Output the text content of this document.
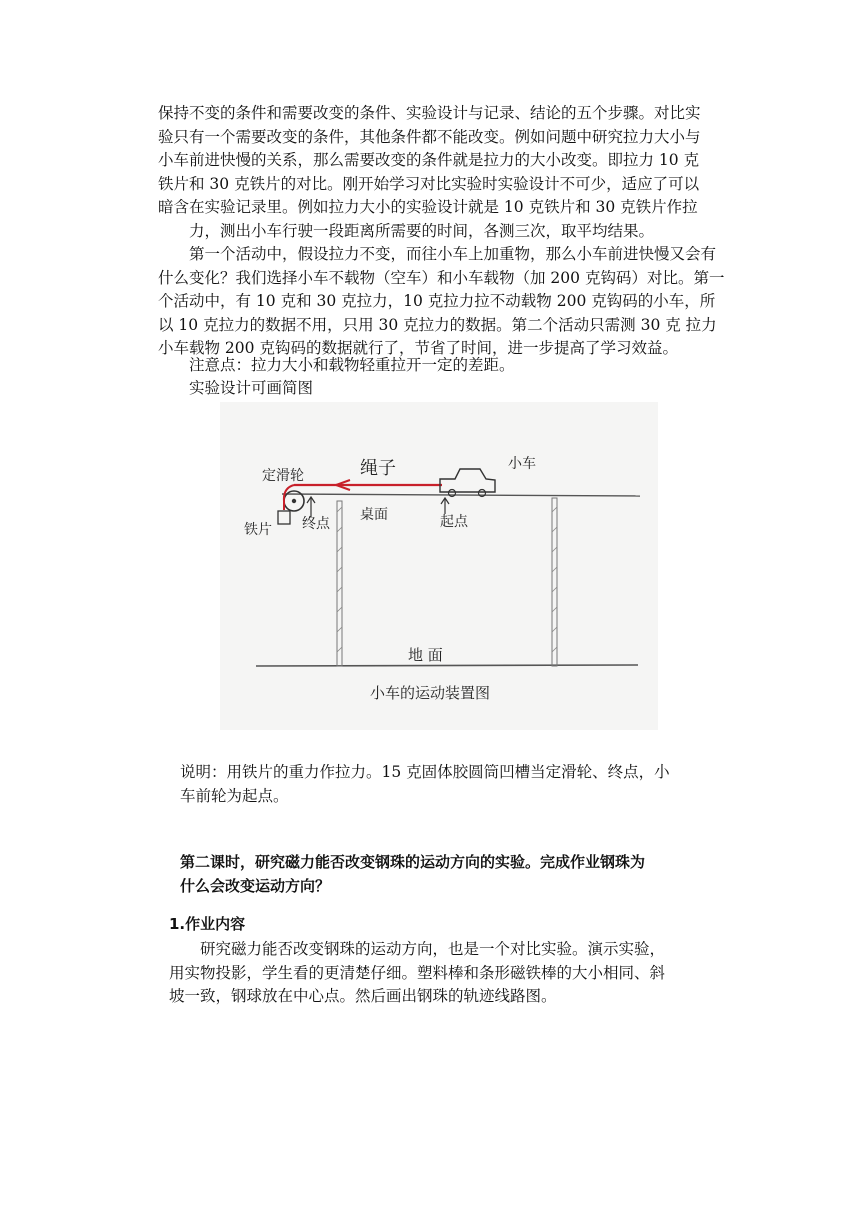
保持不变的条件和需要改变的条件、实验设计与记录、结论的五个步骤。对比实
验只有一个需要改变的条件，其他条件都不能改变。例如问题中研究拉力大小与
小车前进快慢的关系，那么需要改变的条件就是拉力的大小改变。即拉力 10 克
铁片和 30 克铁片的对比。刚开始学习对比实验时实验设计不可少，适应了可以
暗含在实验记录里。例如拉力大小的实验设计就是 10 克铁片和 30 克铁片作拉
力，测出小车行驶一段距离所需要的时间，各测三次，取平均结果。
第一个活动中，假设拉力不变，而往小车上加重物，那么小车前进快慢又会有
什么变化？我们选择小车不载物（空车）和小车载物（加 200 克钩码）对比。第一
个活动中，有 10 克和 30 克拉力，10 克拉力拉不动载物 200 克钩码的小车，所
以 10 克拉力的数据不用，只用 30 克拉力的数据。第二个活动只需测 30 克 拉力
小车载物 200 克钩码的数据就行了，节省了时间，进一步提高了学习效益。
注意点：拉力大小和载物轻重拉开一定的差距。
实验设计可画简图
定滑轮	绳子	小车
铁片 终点
桌面	起点
地 面
小车的运动装置图
说明：用铁片的重力作拉力。15 克固体胶圆筒凹槽当定滑轮、终点，小
车前轮为起点。
第二课时，研究磁力能否改变钢珠的运动方向的实验。完成作业钢珠为
什么会改变运动方向？
1.作业内容
研究磁力能否改变钢珠的运动方向，也是一个对比实验。演示实验，
用实物投影，学生看的更清楚仔细。塑料棒和条形磁铁棒的大小相同、斜
坡一致，钢球放在中心点。然后画出钢珠的轨迹线路图。
